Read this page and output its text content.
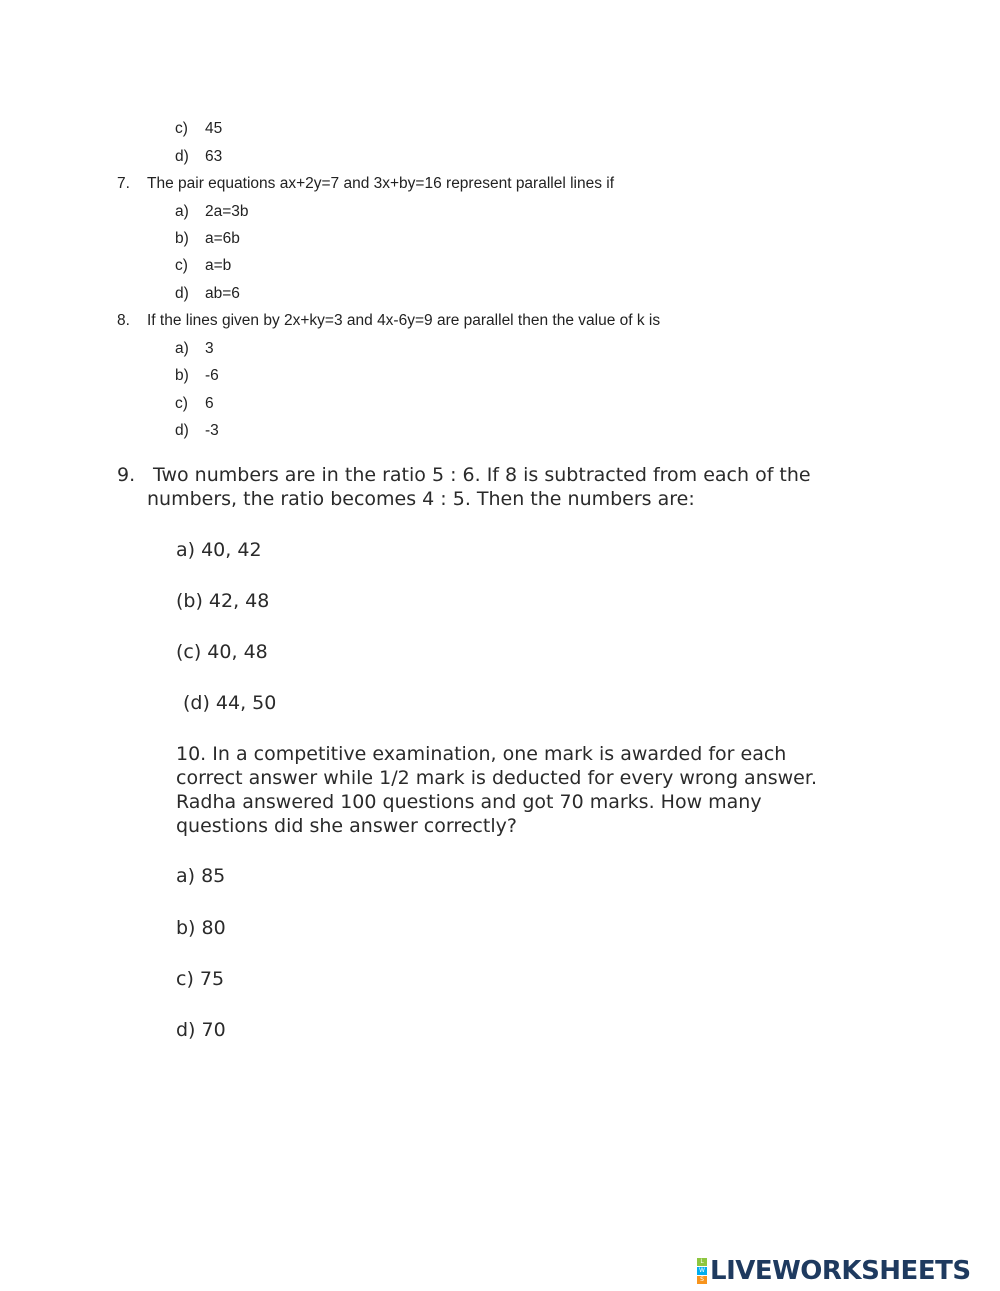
c) 45
d) 63
7. The pair equations ax+2y=7 and 3x+by=16 represent parallel lines if
a) 2a=3b
b) a=6b
c) a=b
d) ab=6
8. If the lines given by 2x+ky=3 and 4x-6y=9 are parallel then the value of k is
a) 3
b) -6
c) 6
d) -3
9. Two numbers are in the ratio 5 : 6. If 8 is subtracted from each of the
numbers, the ratio becomes 4 : 5. Then the numbers are:
a) 40, 42
(b) 42, 48
(c) 40, 48
(d) 44, 50
10. In a competitive examination, one mark is awarded for each
correct answer while 1/2 mark is deducted for every wrong answer.
Radha answered 100 questions and got 70 marks. How many
questions did she answer correctly?
a) 85
b) 80
c) 75
d) 70
L
W
S LIVEWORKSHEETS
